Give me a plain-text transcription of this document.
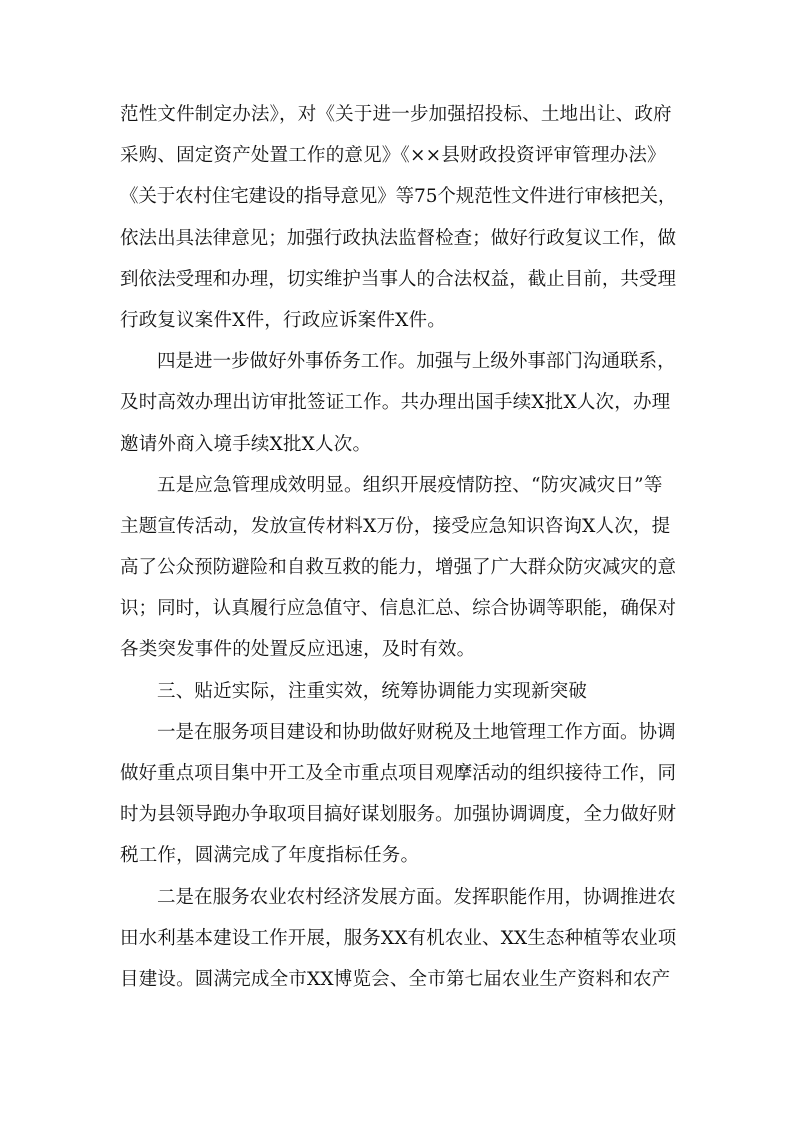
范性文件制定办法》，对《关于进一步加强招投标、土地出让、政府
采购、固定资产处置工作的意见》《××县财政投资评审管理办法》
《关于农村住宅建设的指导意见》等75个规范性文件进行审核把关，
依法出具法律意见；加强行政执法监督检查；做好行政复议工作，做
到依法受理和办理，切实维护当事人的合法权益，截止目前，共受理
行政复议案件X件，行政应诉案件X件。
四是进一步做好外事侨务工作。加强与上级外事部门沟通联系，
及时高效办理出访审批签证工作。共办理出国手续X批X人次，办理
邀请外商入境手续X批X人次。
五是应急管理成效明显。组织开展疫情防控、“防灾减灾日”等
主题宣传活动，发放宣传材料X万份，接受应急知识咨询X人次，提
高了公众预防避险和自救互救的能力，增强了广大群众防灾减灾的意
识；同时，认真履行应急值守、信息汇总、综合协调等职能，确保对
各类突发事件的处置反应迅速，及时有效。
三、贴近实际，注重实效，统筹协调能力实现新突破
一是在服务项目建设和协助做好财税及土地管理工作方面。协调
做好重点项目集中开工及全市重点项目观摩活动的组织接待工作，同
时为县领导跑办争取项目搞好谋划服务。加强协调调度，全力做好财
税工作，圆满完成了年度指标任务。
二是在服务农业农村经济发展方面。发挥职能作用，协调推进农
田水利基本建设工作开展，服务XX有机农业、XX生态种植等农业项
目建设。圆满完成全市XX博览会、全市第七届农业生产资料和农产
